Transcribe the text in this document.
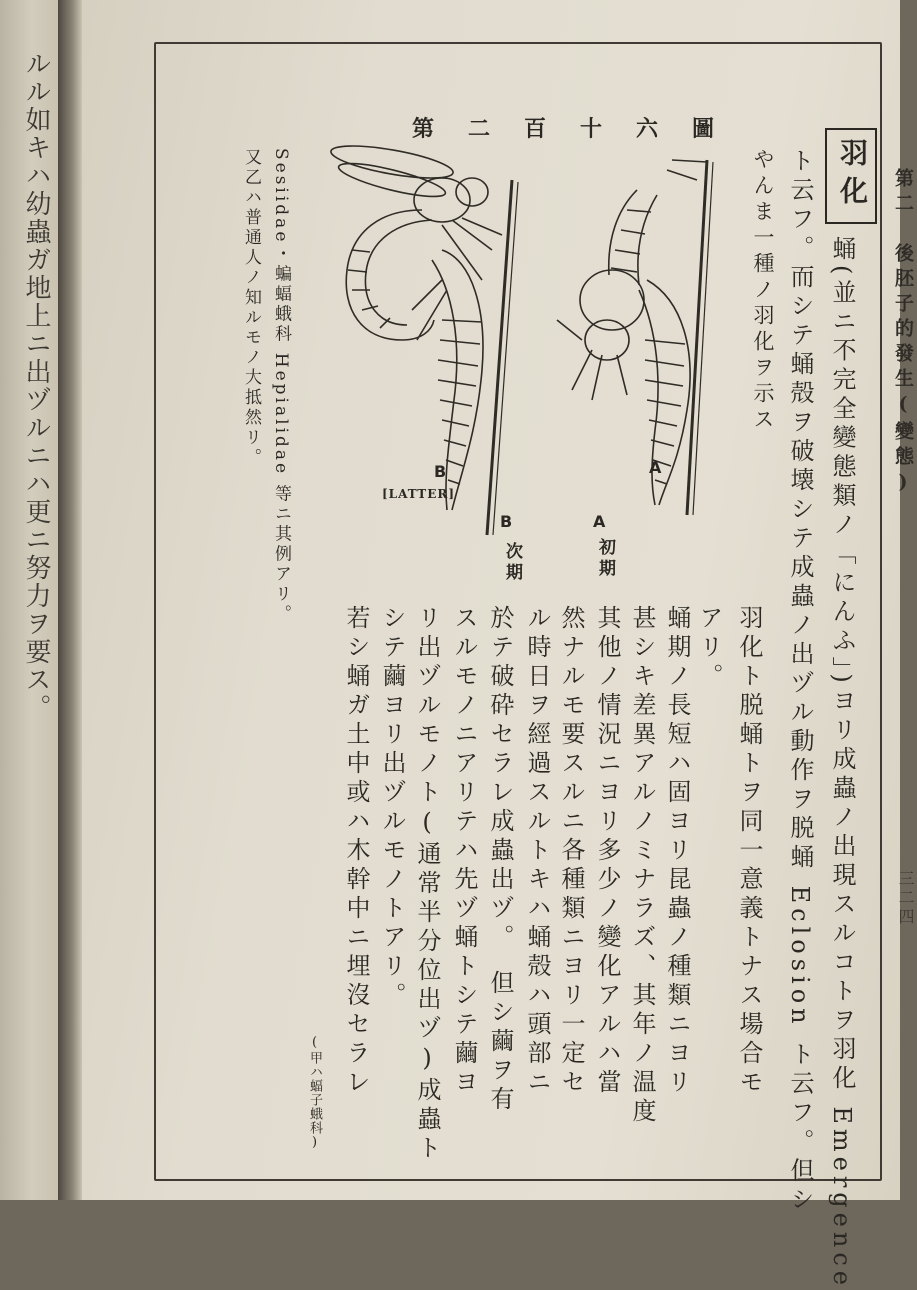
ルル如キハ幼蟲ガ地上ニ出ヅルニハ更ニ努力ヲ要ス。	第二　後胚子的發生(變態)
三二四
第二百十六圖
B	A
[LATTER]
B	A
次期	初期
Sesiidae・蝙蝠蛾科 Hepialidae 等ニ其例アリ。
又乙ハ普通人ノ知ルモノ大抵然リ。	羽化
蛹(並ニ不完全變態類ノ「にんふ」)ヨリ成蟲ノ出現スルコトヲ羽化 Emergence
ト云フ。而シテ蛹殻ヲ破壊シテ成蟲ノ出ヅル動作ヲ脱蛹 Eclosion ト云フ。但シ
やんま一種ノ羽化ヲ示ス
羽化ト脱蛹トヲ同一意義トナス場合モ
アリ。
蛹期ノ長短ハ固ヨリ昆蟲ノ種類ニヨリ
甚シキ差異アルノミナラズ、其年ノ温度
其他ノ情況ニヨリ多少ノ變化アルハ當
然ナルモ要スルニ各種類ニヨリ一定セ
ル時日ヲ經過スルトキハ蛹殻ハ頭部ニ
於テ破砕セラレ成蟲出ヅ。　但シ繭ヲ有
スルモノニアリテハ先ヅ蛹トシテ繭ヨ
リ出ヅルモノト(通常半分位出ヅ)成蟲ト
シテ繭ヨリ出ヅルモノトアリ。
若シ蛹ガ土中或ハ木幹中ニ埋沒セラレ
(甲ハ蝠子蛾科)
